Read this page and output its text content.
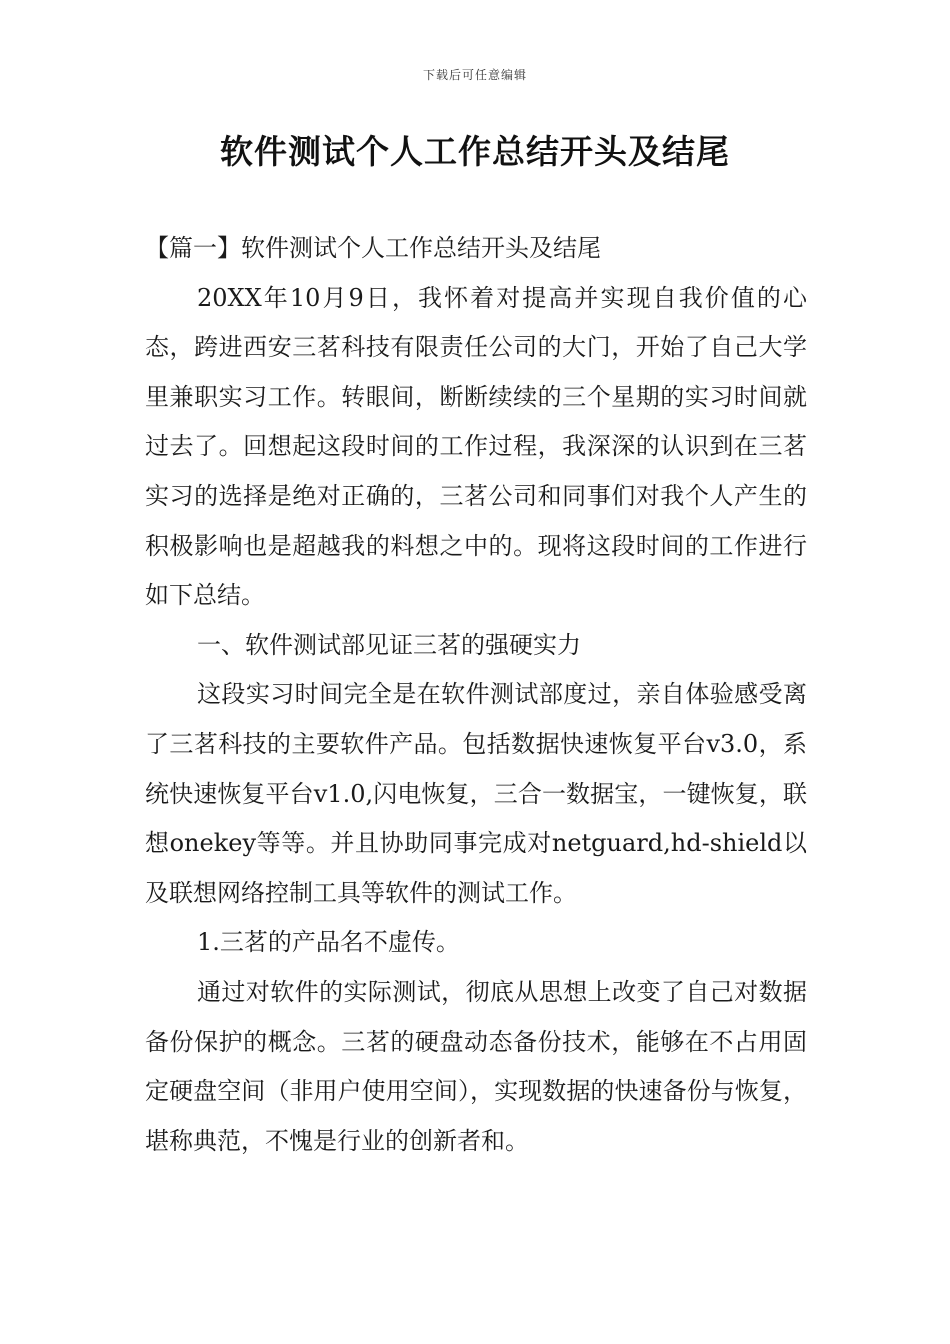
下载后可任意编辑
软件测试个人工作总结开头及结尾

【篇一】软件测试个人工作总结开头及结尾

20XX年10月9日，我怀着对提高并实现自我价值的心态，跨进西安三茗科技有限责任公司的大门，开始了自己大学里兼职实习工作。转眼间，断断续续的三个星期的实习时间就过去了。回想起这段时间的工作过程，我深深的认识到在三茗实习的选择是绝对正确的，三茗公司和同事们对我个人产生的积极影响也是超越我的料想之中的。现将这段时间的工作进行如下总结。

一、软件测试部见证三茗的强硬实力

这段实习时间完全是在软件测试部度过，亲自体验感受离了三茗科技的主要软件产品。包括数据快速恢复平台v3.0，系统快速恢复平台v1.0,闪电恢复，三合一数据宝，一键恢复，联想onekey等等。并且协助同事完成对netguard,hd-shield以及联想网络控制工具等软件的测试工作。

1.三茗的产品名不虚传。

通过对软件的实际测试，彻底从思想上改变了自己对数据备份保护的概念。三茗的硬盘动态备份技术，能够在不占用固定硬盘空间（非用户使用空间），实现数据的快速备份与恢复，堪称典范，不愧是行业的创新者和。
